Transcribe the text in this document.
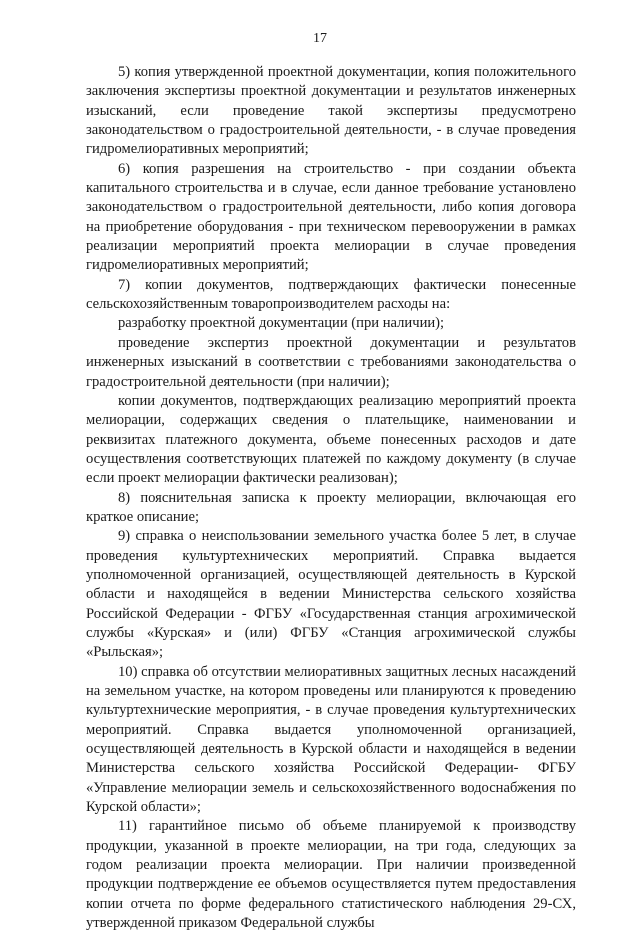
17

5) копия утвержденной проектной документации, копия положительного заключения экспертизы проектной документации и результатов инженерных изысканий, если проведение такой экспертизы предусмотрено законодательством о градостроительной деятельности, - в случае проведения гидромелиоративных мероприятий;

6) копия разрешения на строительство - при создании объекта капитального строительства и в случае, если данное требование установлено законодательством о градостроительной деятельности, либо копия договора на приобретение оборудования - при техническом перевооружении в рамках реализации мероприятий проекта мелиорации в случае проведения гидромелиоративных мероприятий;

7) копии документов, подтверждающих фактически понесенные сельскохозяйственным товаропроизводителем расходы на:

разработку проектной документации (при наличии);

проведение экспертиз проектной документации и результатов инженерных изысканий в соответствии с требованиями законодательства о градостроительной деятельности (при наличии);

копии документов, подтверждающих реализацию мероприятий проекта мелиорации, содержащих сведения о плательщике, наименовании и реквизитах платежного документа, объеме понесенных расходов и дате осуществления соответствующих платежей по каждому документу (в случае если проект мелиорации фактически реализован);

8) пояснительная записка к проекту мелиорации, включающая его краткое описание;

9) справка о неиспользовании земельного участка более 5 лет, в случае проведения культуртехнических мероприятий. Справка выдается уполномоченной организацией, осуществляющей деятельность в Курской области и находящейся в ведении Министерства сельского хозяйства Российской Федерации - ФГБУ «Государственная станция агрохимической службы «Курская» и (или) ФГБУ «Станция агрохимической службы «Рыльская»;

10) справка об отсутствии мелиоративных защитных лесных насаждений на земельном участке, на котором проведены или планируются к проведению культуртехнические мероприятия, - в случае проведения культуртехнических мероприятий. Справка выдается уполномоченной организацией, осуществляющей деятельность в Курской области и находящейся в ведении Министерства сельского хозяйства Российской Федерации- ФГБУ «Управление мелиорации земель и сельскохозяйственного водоснабжения по Курской области»;

11) гарантийное письмо об объеме планируемой к производству продукции, указанной в проекте мелиорации, на три года, следующих за годом реализации проекта мелиорации. При наличии произведенной продукции подтверждение ее объемов осуществляется путем предоставления копии отчета по форме федерального статистического наблюдения 29-СХ, утвержденной приказом Федеральной службы
